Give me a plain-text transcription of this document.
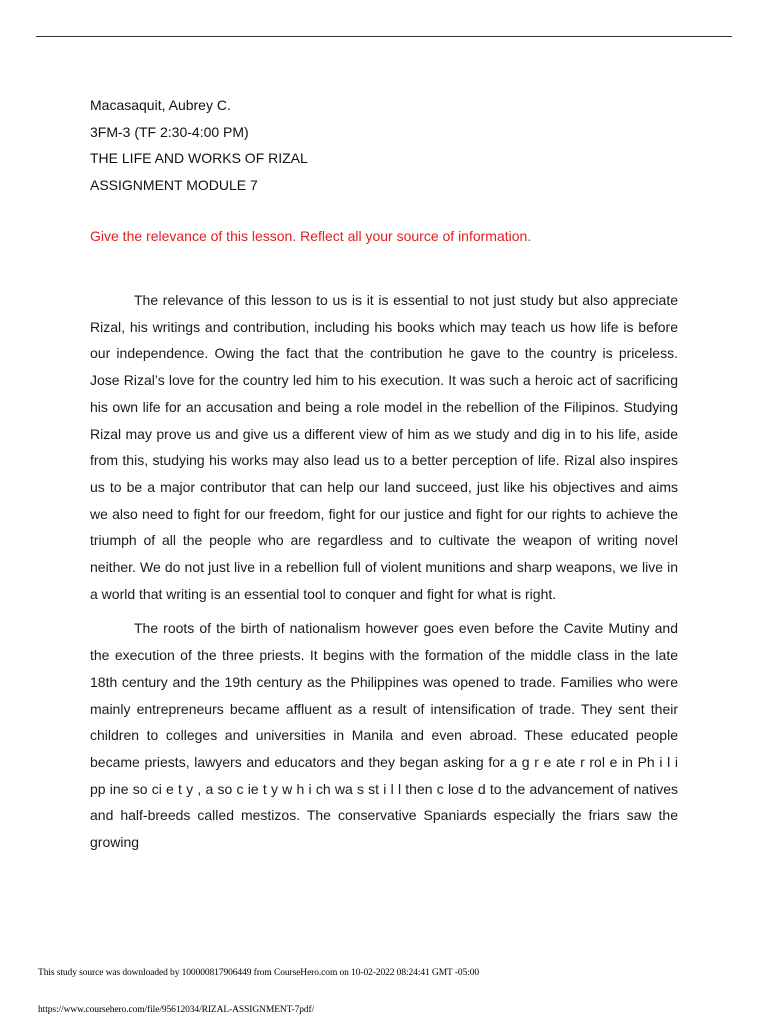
Macasaquit, Aubrey C.
3FM-3 (TF 2:30-4:00 PM)
THE LIFE AND WORKS OF RIZAL
ASSIGNMENT MODULE 7
Give the relevance of this lesson. Reflect all your source of information.

The relevance of this lesson to us is it is essential to not just study but also appreciate Rizal, his writings and contribution, including his books which may teach us how life is before our independence. Owing the fact that the contribution he gave to the country is priceless. Jose Rizal’s love for the country led him to his execution. It was such a heroic act of sacrificing his own life for an accusation and being a role model in the rebellion of the Filipinos. Studying Rizal may prove us and give us a different view of him as we study and dig in to his life, aside from this, studying his works may also lead us to a better perception of life. Rizal also inspires us to be a major contributor that can help our land succeed, just like his objectives and aims we also need to fight for our freedom, fight for our justice and fight for our rights to achieve the triumph of all the people who are regardless and to cultivate the weapon of writing novel neither. We do not just live in a rebellion full of violent munitions and sharp weapons, we live in a world that writing is an essential tool to conquer and fight for what is right.

The roots of the birth of nationalism however goes even before the Cavite Mutiny and the execution of the three priests. It begins with the formation of the middle class in the late 18th century and the 19th century as the Philippines was opened to trade. Families who were mainly entrepreneurs became affluent as a result of intensification of trade. They sent their children to colleges and universities in Manila and even abroad. These educated people became priests, lawyers and educators and they began asking for a g r e ate r rol e in Ph i l i pp ine so ci e t y , a so c ie t y w h i ch wa s st i l l then c lose d to the advancement of natives and half-breeds called mestizos. The conservative Spaniards especially the friars saw the growing

This study source was downloaded by 100000817906449 from CourseHero.com on 10-02-2022 08:24:41 GMT -05:00
https://www.coursehero.com/file/95612034/RIZAL-ASSIGNMENT-7pdf/
